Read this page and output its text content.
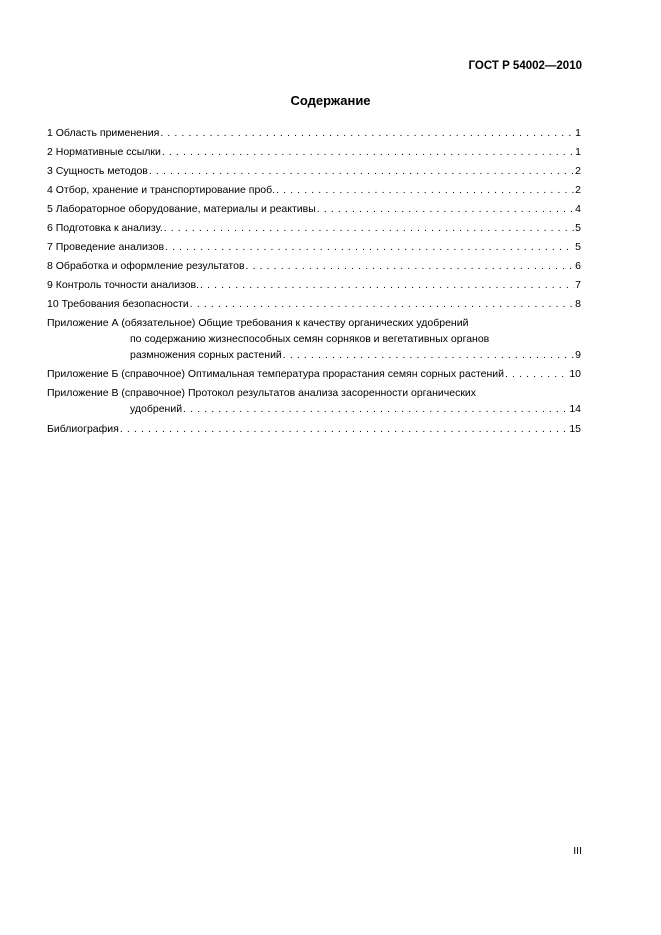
ГОСТ Р 54002—2010
Содержание
1 Область применения . . .	1
2 Нормативные ссылки . . .	1
3 Сущность методов . . .	2
4 Отбор, хранение и транспортирование проб. . . .	2
5 Лабораторное оборудование, материалы и реактивы . . .	4
6 Подготовка к анализу. . . .	5
7 Проведение анализов . . .	5
8 Обработка и оформление результатов . . .	6
9 Контроль точности анализов. . . .	7
10 Требования безопасности . . .	8
Приложение А (обязательное) Общие требования к качеству органических удобрений
по содержанию жизнеспособных семян сорняков и вегетативных органов
размножения сорных растений . . .	9
Приложение Б (справочное) Оптимальная температура прорастания семян сорных растений . . .	10
Приложение В (справочное) Протокол результатов анализа засоренности органических
удобрений . . .	14
Библиография . . .	15
III
